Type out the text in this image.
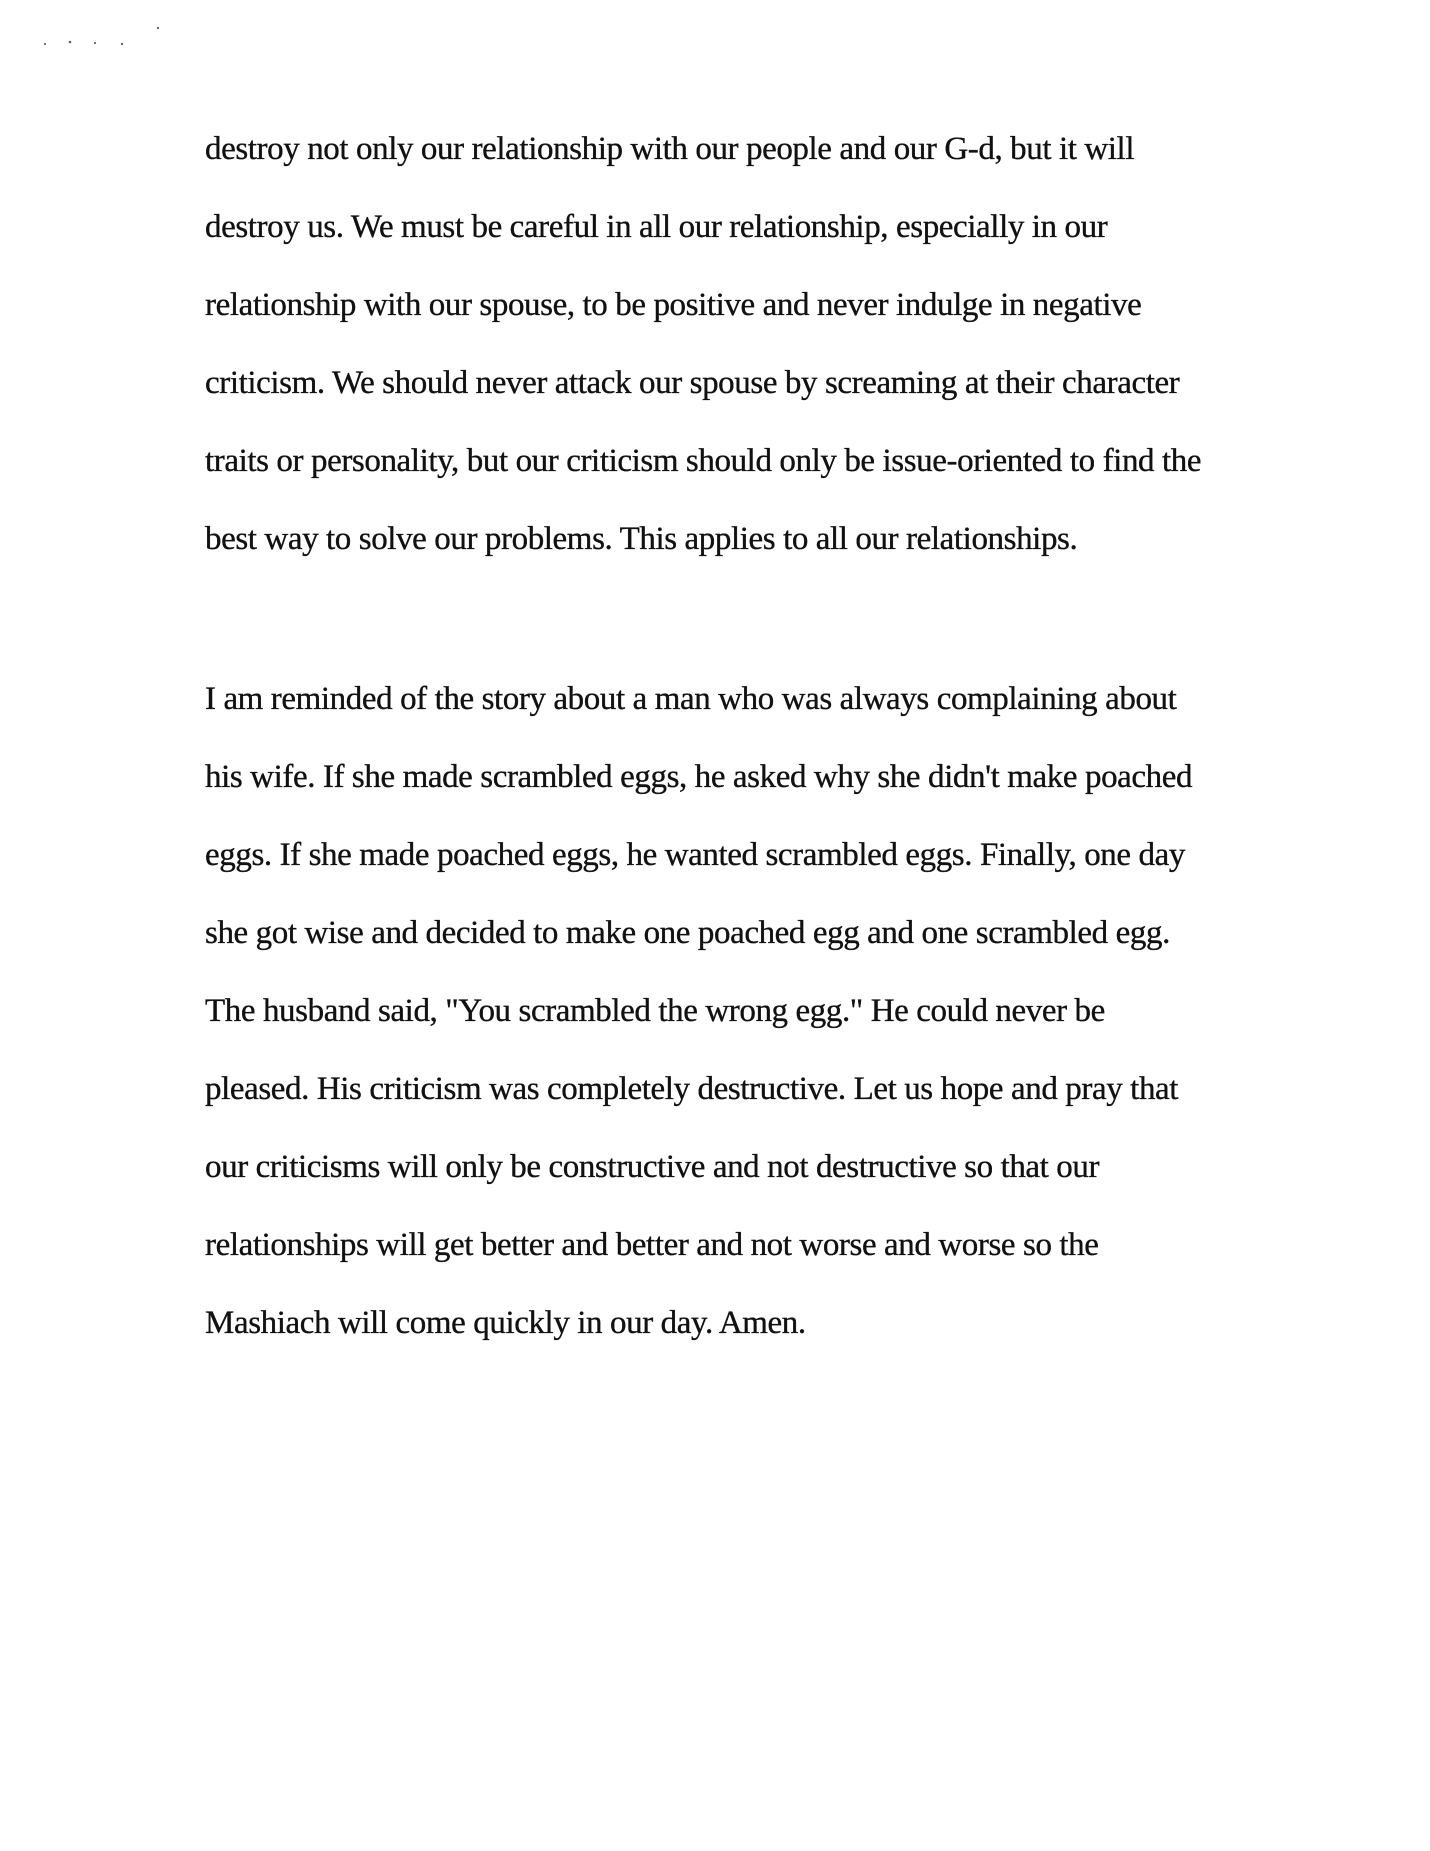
destroy not only our relationship with our people and our G-d, but it will
destroy us. We must be careful in all our relationship, especially in our
relationship with our spouse, to be positive and never indulge in negative
criticism. We should never attack our spouse by screaming at their character
traits or personality, but our criticism should only be issue-oriented to find the
best way to solve our problems. This applies to all our relationships.
I am reminded of the story about a man who was always complaining about
his wife. If she made scrambled eggs, he asked why she didn't make poached
eggs. If she made poached eggs, he wanted scrambled eggs. Finally, one day
she got wise and decided to make one poached egg and one scrambled egg.
The husband said, "You scrambled the wrong egg." He could never be
pleased. His criticism was completely destructive. Let us hope and pray that
our criticisms will only be constructive and not destructive so that our
relationships will get better and better and not worse and worse so the
Mashiach will come quickly in our day. Amen.
